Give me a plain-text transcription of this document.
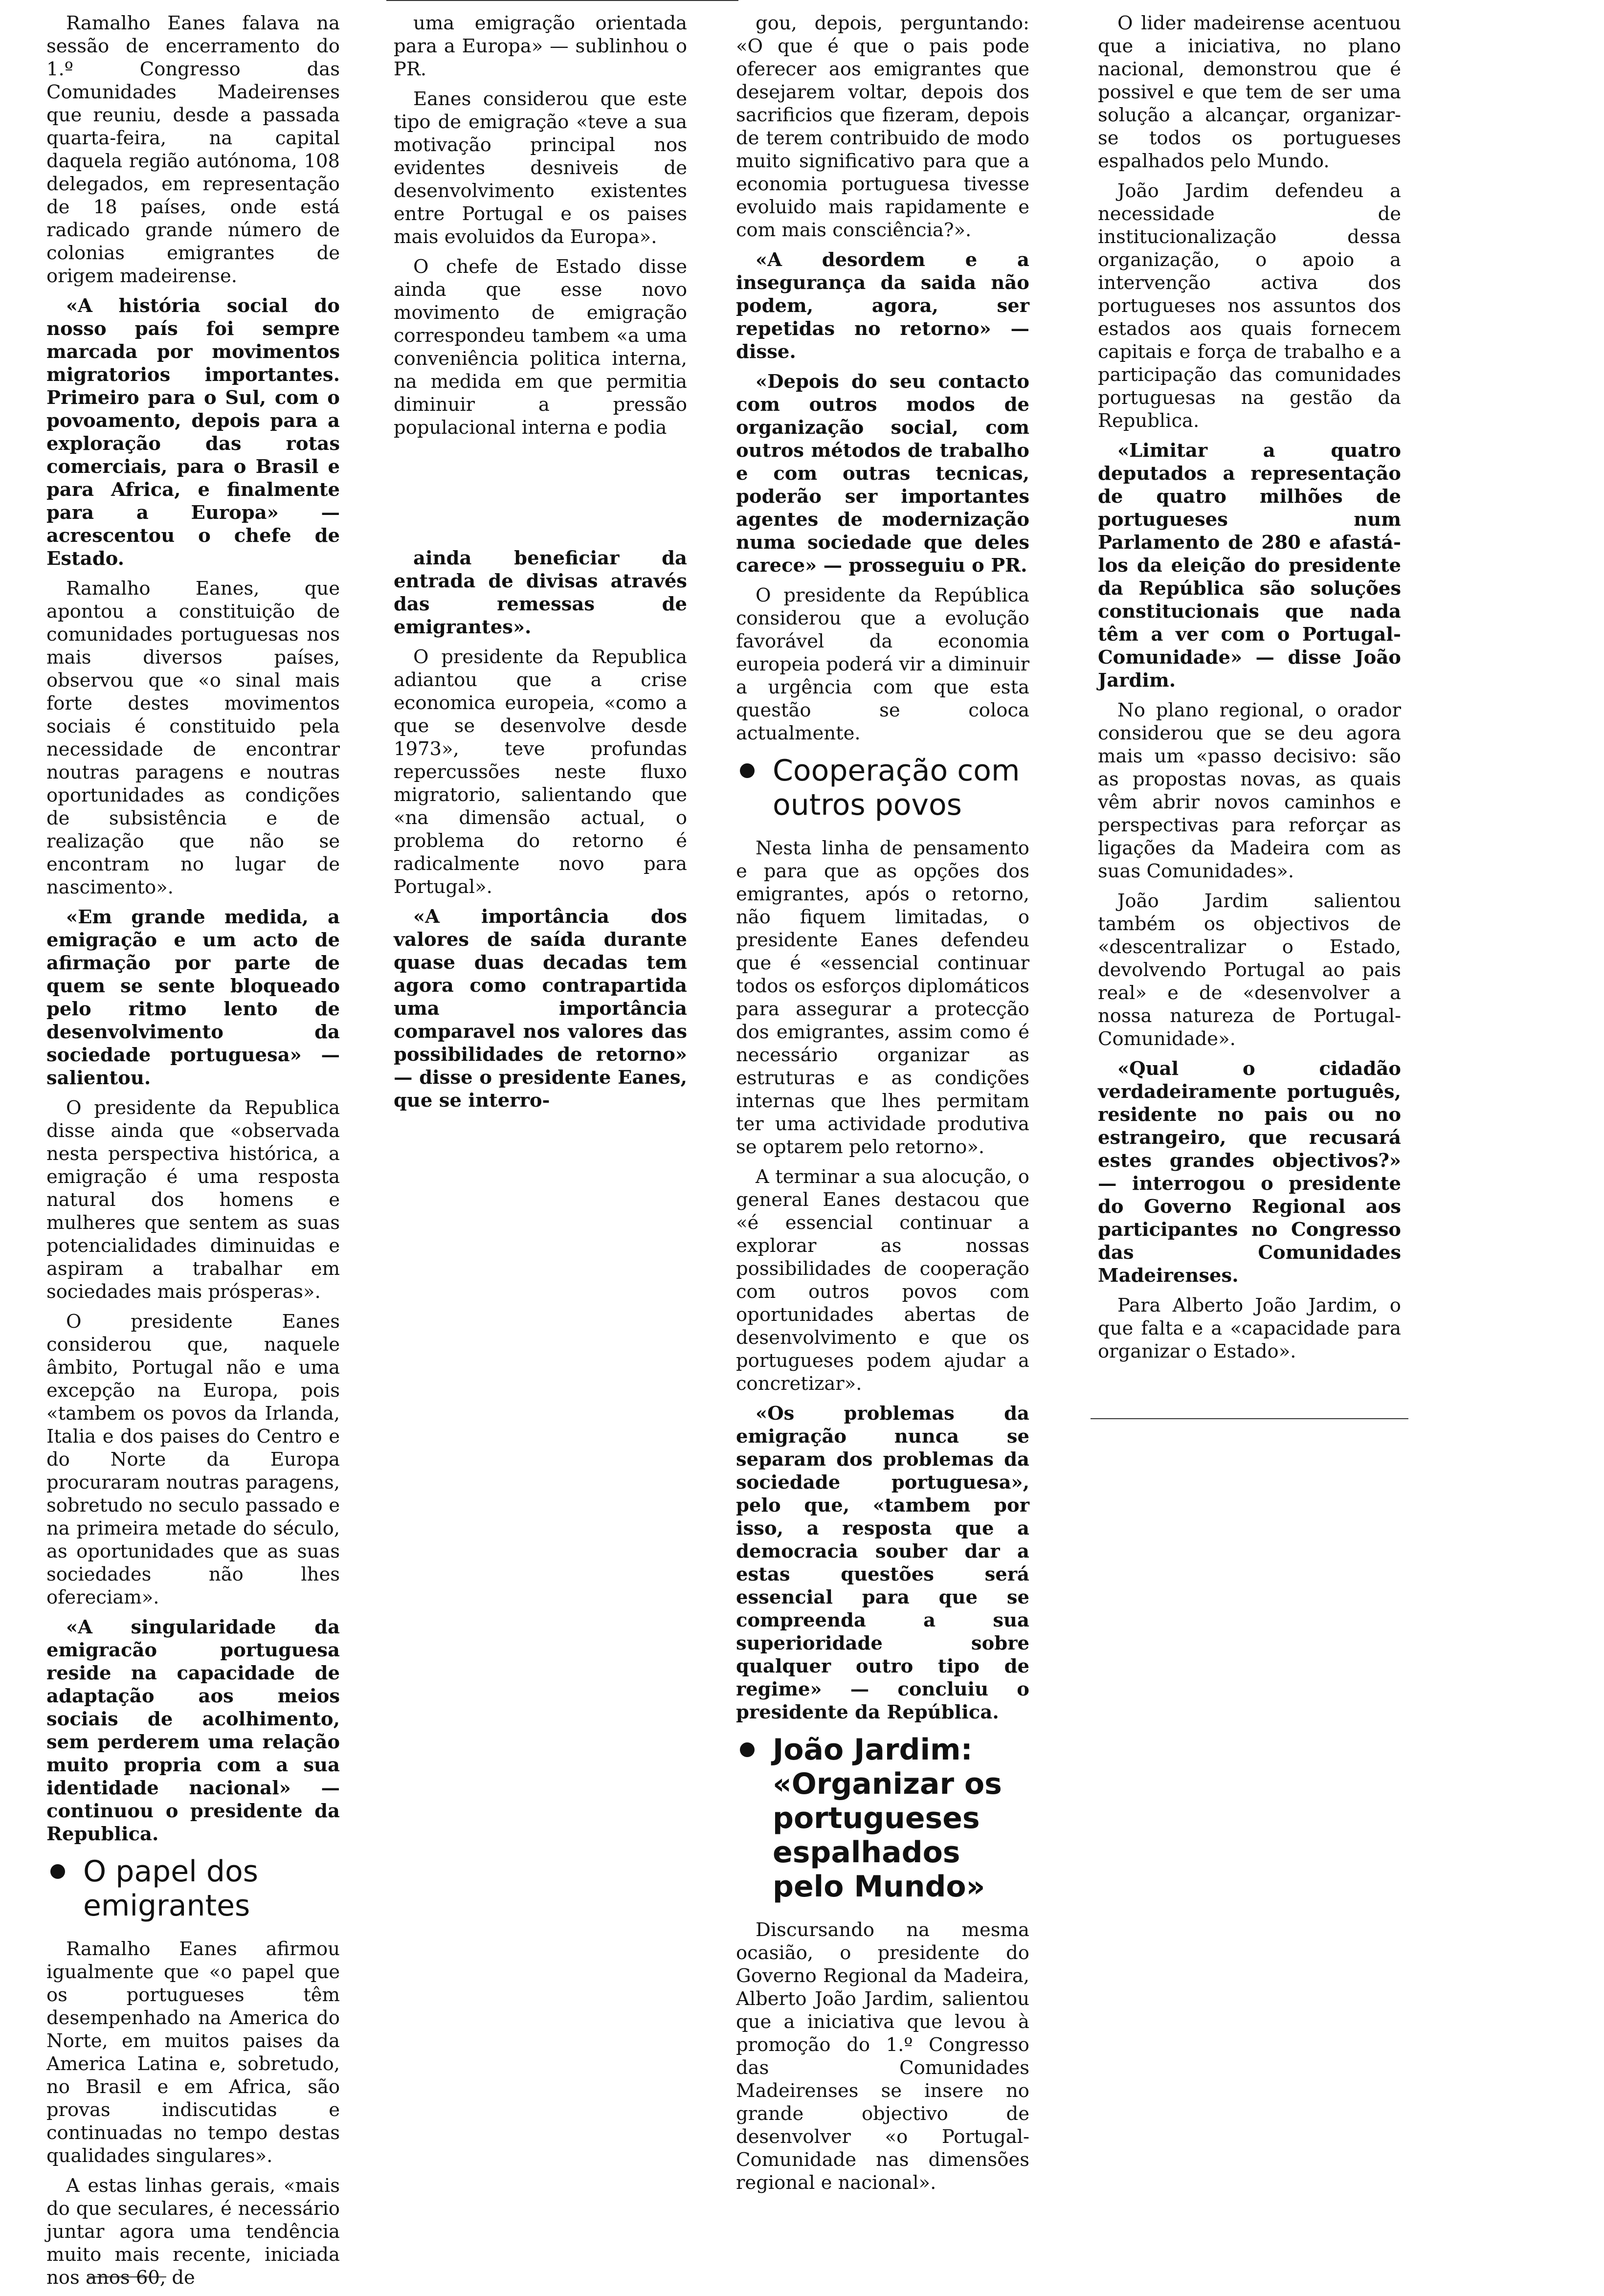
Ramalho Eanes falava na sessão de encerramento do 1.º Congresso das Comunidades Madeirenses que reuniu, desde a passada quarta-feira, na capital daquela região autónoma, 108 delegados, em representação de 18 países, onde está radicado grande número de colonias emigrantes de origem madeirense.

«A história social do nosso país foi sempre marcada por movimentos migratorios importantes. Primeiro para o Sul, com o povoamento, depois para a exploração das rotas comerciais, para o Brasil e para Africa, e finalmente para a Europa» — acrescentou o chefe de Estado.

Ramalho Eanes, que apontou a constituição de comunidades portuguesas nos mais diversos países, observou que «o sinal mais forte destes movimentos sociais é constituido pela necessidade de encontrar noutras paragens e noutras oportunidades as condições de subsistência e de realização que não se encontram no lugar de nascimento».

«Em grande medida, a emigração e um acto de afirmação por parte de quem se sente bloqueado pelo ritmo lento de desenvolvimento da sociedade portuguesa» — salientou.

O presidente da Republica disse ainda que «observada nesta perspectiva histórica, a emigração é uma resposta natural dos homens e mulheres que sentem as suas potencialidades diminuidas e aspiram a trabalhar em sociedades mais prósperas».

O presidente Eanes considerou que, naquele âmbito, Portugal não e uma excepção na Europa, pois «tambem os povos da Irlanda, Italia e dos paises do Centro e do Norte da Europa procuraram noutras paragens, sobretudo no seculo passado e na primeira metade do século, as oportunidades que as suas sociedades não lhes ofereciam».

«A singularidade da emigracão portuguesa reside na capacidade de adaptação aos meios sociais de acolhimento, sem perderem uma relação muito propria com a sua identidade nacional» — continuou o presidente da Republica.

O papel dos emigrantes

Ramalho Eanes afirmou igualmente que «o papel que os portugueses têm desempenhado na America do Norte, em muitos paises da America Latina e, sobretudo, no Brasil e em Africa, são provas indiscutidas e continuadas no tempo destas qualidades singulares».

A estas linhas gerais, «mais do que seculares, é necessário juntar agora uma tendência muito mais recente, iniciada nos anos 60, de

uma emigração orientada para a Europa» — sublinhou o PR.

Eanes considerou que este tipo de emigração «teve a sua motivação principal nos evidentes desniveis de desenvolvimento existentes entre Portugal e os paises mais evoluidos da Europa».

O chefe de Estado disse ainda que esse novo movimento de emigração correspondeu tambem «a uma conveniência politica interna, na medida em que permitia diminuir a pressão populacional interna e podia

ainda beneficiar da entrada de divisas através das remessas de emigrantes».

O presidente da Republica adiantou que a crise economica europeia, «como a que se desenvolve desde 1973», teve profundas repercussões neste fluxo migratorio, salientando que «na dimensão actual, o problema do retorno é radicalmente novo para Portugal».

«A importância dos valores de saída durante quase duas decadas tem agora como contrapartida uma importância comparavel nos valores das possibilidades de retorno» — disse o presidente Eanes, que se interro-

gou, depois, perguntando: «O que é que o pais pode oferecer aos emigrantes que desejarem voltar, depois dos sacrificios que fizeram, depois de terem contribuido de modo muito significativo para que a economia portuguesa tivesse evoluido mais rapidamente e com mais consciência?».

«A desordem e a insegurança da saida não podem, agora, ser repetidas no retorno» — disse.

«Depois do seu contacto com outros modos de organização social, com outros métodos de trabalho e com outras tecnicas, poderão ser importantes agentes de modernização numa sociedade que deles carece» — prosseguiu o PR.

O presidente da República considerou que a evolução favorável da economia europeia poderá vir a diminuir a urgência com que esta questão se coloca actualmente.

Cooperação com outros povos

Nesta linha de pensamento e para que as opções dos emigrantes, após o retorno, não fiquem limitadas, o presidente Eanes defendeu que é «essencial continuar todos os esforços diplomáticos para assegurar a protecção dos emigrantes, assim como é necessário organizar as estruturas e as condições internas que lhes permitam ter uma actividade produtiva se optarem pelo retorno».

A terminar a sua alocução, o general Eanes destacou que «é essencial continuar a explorar as nossas possibilidades de cooperação com outros povos com oportunidades abertas de desenvolvimento e que os portugueses podem ajudar a concretizar».

«Os problemas da emigração nunca se separam dos problemas da sociedade portuguesa», pelo que, «tambem por isso, a resposta que a democracia souber dar a estas questões será essencial para que se compreenda a sua superioridade sobre qualquer outro tipo de regime» — concluiu o presidente da República.

João Jardim: «Organizar os portugueses espalhados pelo Mundo»

Discursando na mesma ocasião, o presidente do Governo Regional da Madeira, Alberto João Jardim, salientou que a iniciativa que levou à promoção do 1.º Congresso das Comunidades Madeirenses se insere no grande objectivo de desenvolver «o Portugal-Comunidade nas dimensões regional e nacional».

O lider madeirense acentuou que a iniciativa, no plano nacional, demonstrou que é possivel e que tem de ser uma solução a alcançar, organizar-se todos os portugueses espalhados pelo Mundo.

João Jardim defendeu a necessidade de institucionalização dessa organização, o apoio a intervenção activa dos portugueses nos assuntos dos estados aos quais fornecem capitais e força de trabalho e a participação das comunidades portuguesas na gestão da Republica.

«Limitar a quatro deputados a representação de quatro milhões de portugueses num Parlamento de 280 e afastá-los da eleição do presidente da República são soluções constitucionais que nada têm a ver com o Portugal-Comunidade» — disse João Jardim.

No plano regional, o orador considerou que se deu agora mais um «passo decisivo: são as propostas novas, as quais vêm abrir novos caminhos e perspectivas para reforçar as ligações da Madeira com as suas Comunidades».

João Jardim salientou também os objectivos de «descentralizar o Estado, devolvendo Portugal ao pais real» e de «desenvolver a nossa natureza de Portugal-Comunidade».

«Qual o cidadão verdadeiramente português, residente no pais ou no estrangeiro, que recusará estes grandes objectivos?» — interrogou o presidente do Governo Regional aos participantes no Congresso das Comunidades Madeirenses.

Para Alberto João Jardim, o que falta e a «capacidade para organizar o Estado».
